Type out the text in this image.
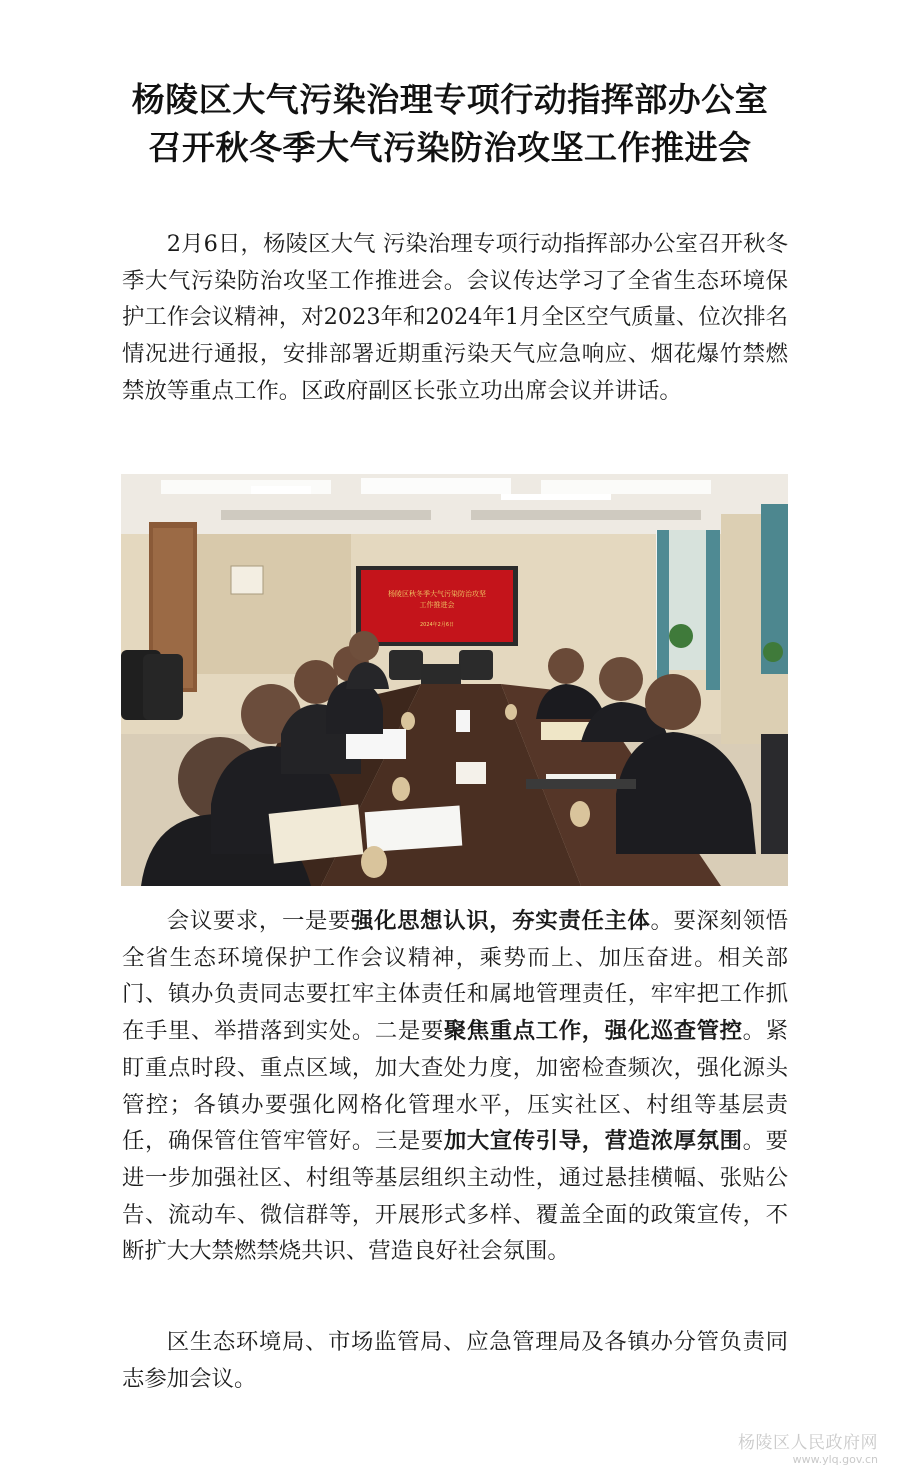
杨陵区大气污染治理专项行动指挥部办公室
召开秋冬季大气污染防治攻坚工作推进会

2月6日，杨陵区大气 污染治理专项行动指挥部办公室召开秋冬季大气污染防治攻坚工作推进会。会议传达学习了全省生态环境保护工作会议精神，对2023年和2024年1月全区空气质量、位次排名情况进行通报，安排部署近期重污染天气应急响应、烟花爆竹禁燃禁放等重点工作。区政府副区长张立功出席会议并讲话。

杨陵区秋冬季大气污染防治攻坚
工作推进会
2024年2月6日

会议要求，一是要强化思想认识，夯实责任主体。要深刻领悟全省生态环境保护工作会议精神，乘势而上、加压奋进。相关部门、镇办负责同志要扛牢主体责任和属地管理责任，牢牢把工作抓在手里、举措落到实处。二是要聚焦重点工作，强化巡查管控。紧盯重点时段、重点区域，加大查处力度，加密检查频次，强化源头管控；各镇办要强化网格化管理水平，压实社区、村组等基层责任，确保管住管牢管好。三是要加大宣传引导，营造浓厚氛围。要进一步加强社区、村组等基层组织主动性，通过悬挂横幅、张贴公告、流动车、微信群等，开展形式多样、覆盖全面的政策宣传，不断扩大大禁燃禁烧共识、营造良好社会氛围。

区生态环境局、市场监管局、应急管理局及各镇办分管负责同志参加会议。

杨陵区人民政府网
www.ylq.gov.cn
